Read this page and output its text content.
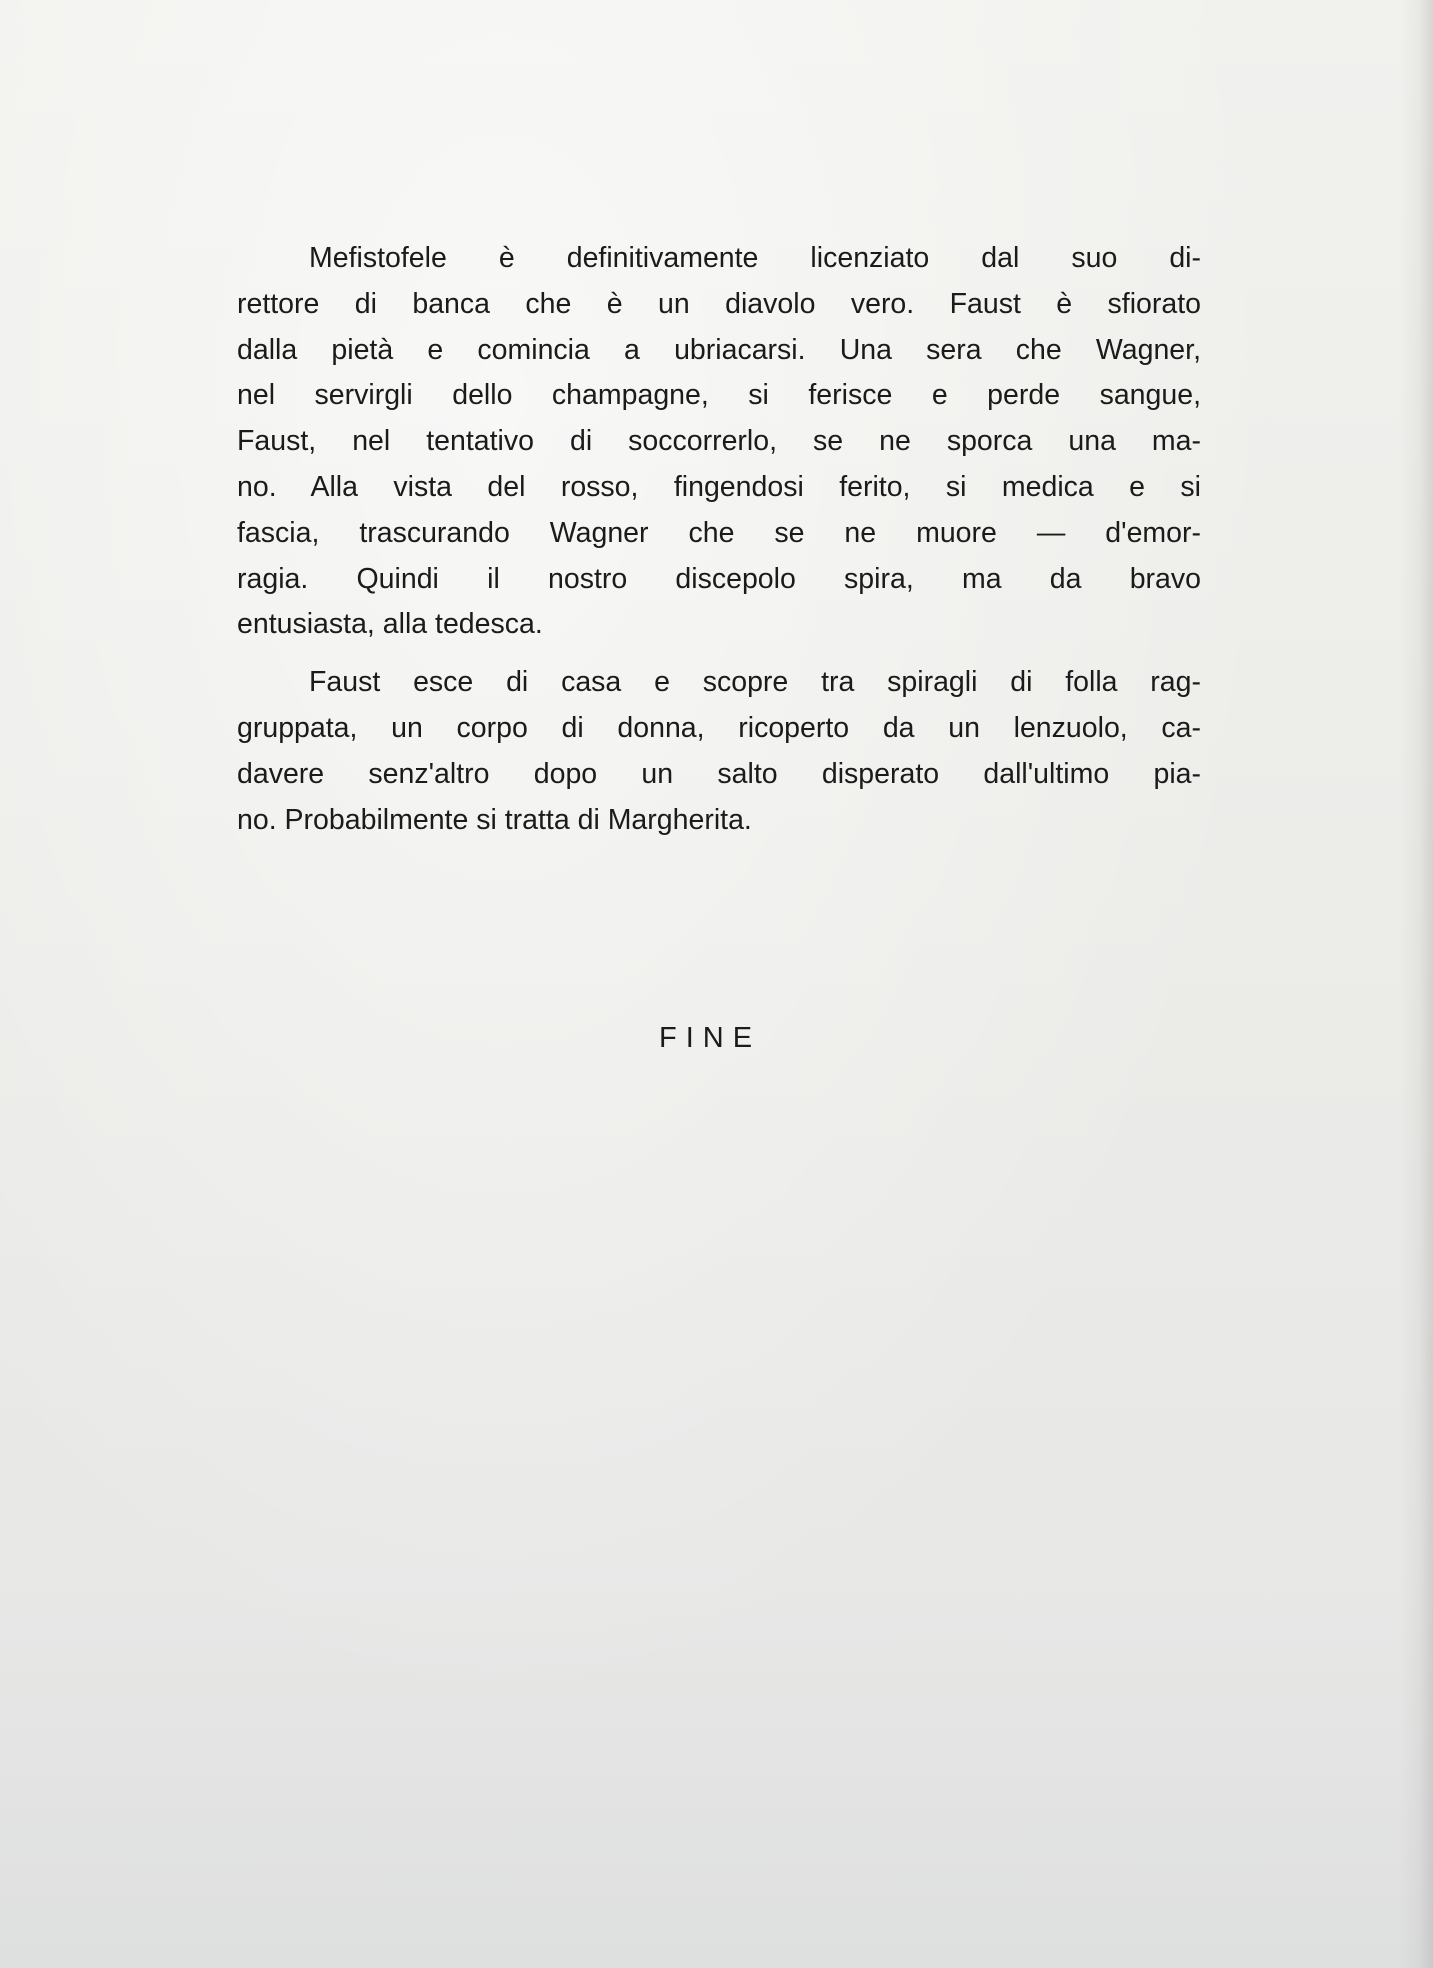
Mefistofele è definitivamente licenziato dal suo di-
rettore di banca che è un diavolo vero. Faust è sfiorato
dalla pietà e comincia a ubriacarsi. Una sera che Wagner,
nel servirgli dello champagne, si ferisce e perde sangue,
Faust, nel tentativo di soccorrerlo, se ne sporca una ma-
no. Alla vista del rosso, fingendosi ferito, si medica e si
fascia, trascurando Wagner che se ne muore — d'emor-
ragia. Quindi il nostro discepolo spira, ma da bravo
entusiasta, alla tedesca.
Faust esce di casa e scopre tra spiragli di folla rag-
gruppata, un corpo di donna, ricoperto da un lenzuolo, ca-
davere senz'altro dopo un salto disperato dall'ultimo pia-
no. Probabilmente si tratta di Margherita.
FINE
